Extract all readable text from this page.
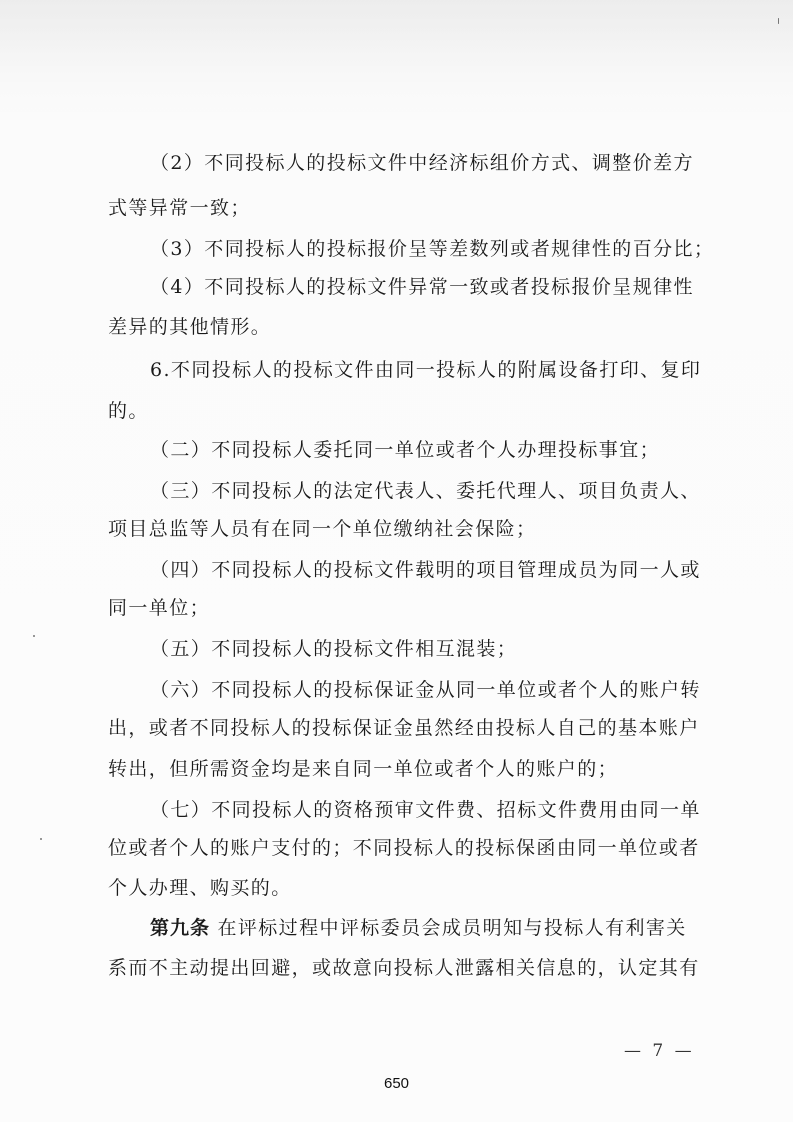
（2）不同投标人的投标文件中经济标组价方式、调整价差方
式等异常一致；
（3）不同投标人的投标报价呈等差数列或者规律性的百分比；
（4）不同投标人的投标文件异常一致或者投标报价呈规律性
差异的其他情形。
6.不同投标人的投标文件由同一投标人的附属设备打印、复印
的。
（二）不同投标人委托同一单位或者个人办理投标事宜；
（三）不同投标人的法定代表人、委托代理人、项目负责人、
项目总监等人员有在同一个单位缴纳社会保险；
（四）不同投标人的投标文件载明的项目管理成员为同一人或
同一单位；
（五）不同投标人的投标文件相互混装；
（六）不同投标人的投标保证金从同一单位或者个人的账户转
出，或者不同投标人的投标保证金虽然经由投标人自己的基本账户
转出，但所需资金均是来自同一单位或者个人的账户的；
（七）不同投标人的资格预审文件费、招标文件费用由同一单
位或者个人的账户支付的；不同投标人的投标保函由同一单位或者
个人办理、购买的。
第九条 在评标过程中评标委员会成员明知与投标人有利害关
系而不主动提出回避，或故意向投标人泄露相关信息的，认定其有
— 7 —
650
